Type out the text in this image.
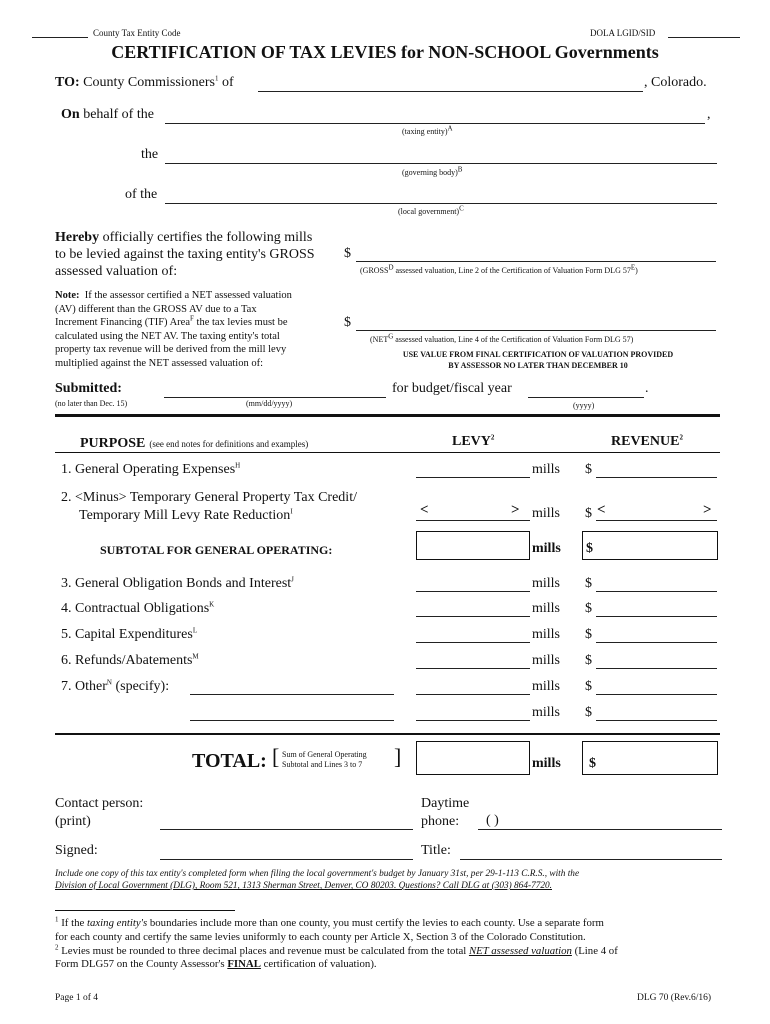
County Tax Entity Code	DOLA LGID/SID
CERTIFICATION OF TAX LEVIES for NON-SCHOOL Governments
TO: County Commissioners$^1$ of	, Colorado.
On behalf of the	,
(taxing entity)$^A$
the
(governing body)$^B$
of the
(local government)$^C$
Hereby officially certifies the following mills
to be levied against the taxing entity's GROSS
assessed valuation of:
$
($GROSS^D$ assessed valuation, Line 2 of the Certification of Valuation Form DLG $57^E$)
Note: If the assessor certified a NET assessed valuation
(AV) different than the GROSS AV due to a Tax
Increment Financing (TIF) Area$^F$ the tax levies must be
calculated using the NET AV. The taxing entity's total
property tax revenue will be derived from the mill levy
multiplied against the NET assessed valuation of:
$
($NET^G$ assessed valuation, Line 4 of the Certification of Valuation Form DLG 57)
USE VALUE FROM FINAL CERTIFICATION OF VALUATION PROVIDED
BY ASSESSOR NO LATER THAN DECEMBER 10
Submitted:
(no later than Dec. 15)	(mm/dd/yyyy)
for budget/fiscal year	.
(yyyy)
PURPOSE (see end notes for definitions and examples)	LEVY$^2$	REVENUE$^2$
1. General Operating Expenses$^H$	mills $
2. <Minus> Temporary General Property Tax Credit/
Temporary Mill Levy Rate Reduction$^I$	<	> mills $ <	>
SUBTOTAL FOR GENERAL OPERATING:	mills $
3. General Obligation Bonds and Interest$^J$	mills $
4. Contractual Obligations$^K$	mills $
5. Capital Expenditures$^L$	mills $
6. Refunds/Abatements$^M$	mills $
7. Other$^N$ (specify):	mills $
mills $
TOTAL: [ Sum of General Operating
Subtotal and Lines 3 to 7 ]	mills $
Contact person:
(print)
Daytime
phone:	( )
Signed:	Title:
Include one copy of this tax entity's completed form when filing the local government's budget by January 31st, per 29-1-113 C.R.S., with the
Division of Local Government (DLG), Room 521, 1313 Sherman Street, Denver, CO 80203. Questions? Call DLG at (303) 864-7720.
$^1$ If the taxing entity's boundaries include more than one county, you must certify the levies to each county. Use a separate form
for each county and certify the same levies uniformly to each county per Article X, Section 3 of the Colorado Constitution.
$^2$ Levies must be rounded to three decimal places and revenue must be calculated from the total NET assessed valuation (Line 4 of
Form DLG57 on the County Assessor's FINAL certification of valuation).
Page 1 of 4	DLG 70 (Rev.6/16)
